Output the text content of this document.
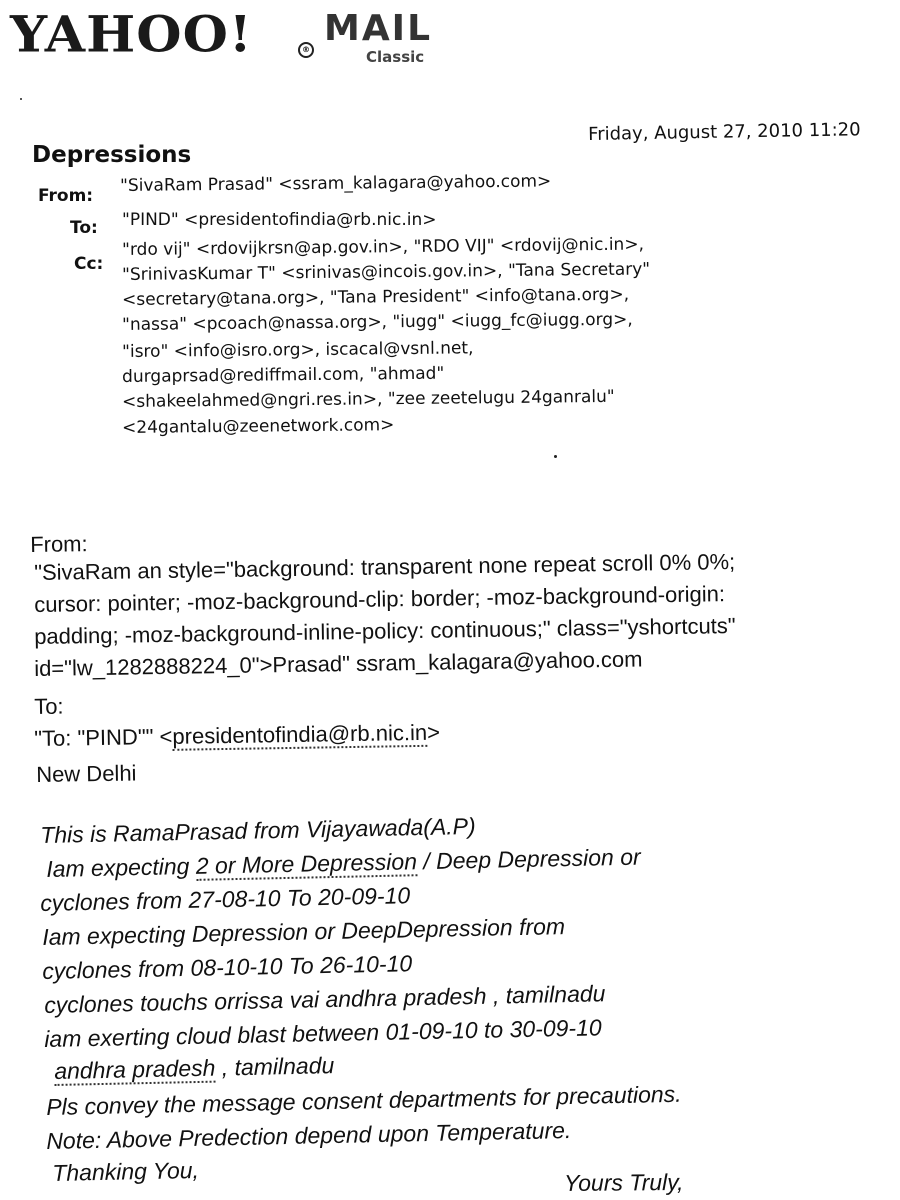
YAHOO!	®
MAIL
Classic
Friday, August 27, 2010 11:20
Depressions
From:
"SivaRam Prasad" <ssram_kalagara@yahoo.com>
To: "PIND" <presidentofindia@rb.nic.in>
Cc:
"rdo vij" <rdovijkrsn@ap.gov.in>, "RDO VIJ" <rdovij@nic.in>,
"SrinivasKumar T" <srinivas@incois.gov.in>, "Tana Secretary"
<secretary@tana.org>, "Tana President" <info@tana.org>,
"nassa" <pcoach@nassa.org>, "iugg" <iugg_fc@iugg.org>,
"isro" <info@isro.org>, iscacal@vsnl.net,
durgaprsad@rediffmail.com, "ahmad"
<shakeelahmed@ngri.res.in>, "zee zeetelugu 24ganralu"
<24gantalu@zeenetwork.com>
From:
"SivaRam an style="background: transparent none repeat scroll 0% 0%;
cursor: pointer; -moz-background-clip: border; -moz-background-origin:
padding; -moz-background-inline-policy: continuous;" class="yshortcuts"
id="lw_1282888224_0">Prasad" ssram_kalagara@yahoo.com
To:
"To: "PIND"" <presidentofindia@rb.nic.in>
New Delhi
This is RamaPrasad from Vijayawada(A.P)
Iam expecting 2 or More Depression / Deep Depression or
cyclones from 27-08-10 To 20-09-10
Iam expecting Depression or DeepDepression from
cyclones from 08-10-10 To 26-10-10
cyclones touchs orrissa vai andhra pradesh , tamilnadu
iam exerting cloud blast between 01-09-10 to 30-09-10
andhra pradesh , tamilnadu
Pls convey the message consent departments for precautions.
Note: Above Predection depend upon Temperature.
Thanking You,	Yours Truly,
